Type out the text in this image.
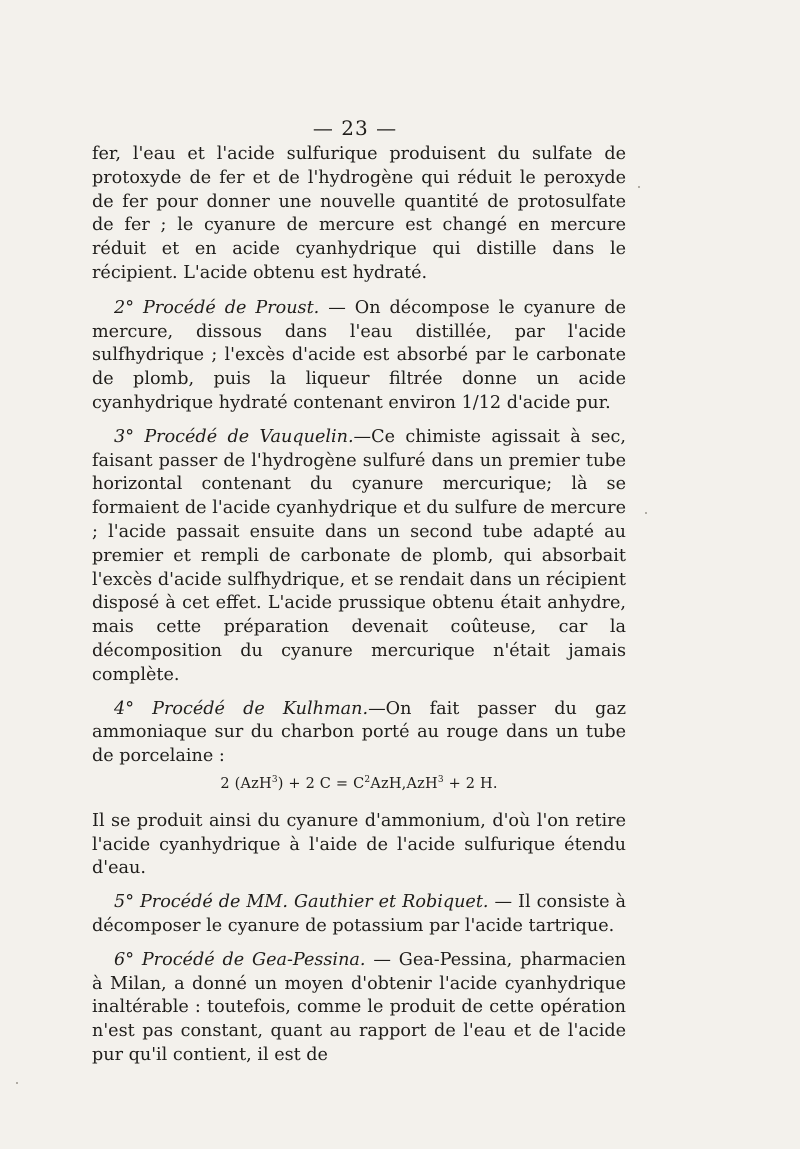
— 23 —

fer, l'eau et l'acide sulfurique produisent du sulfate de protoxyde de fer et de l'hydrogène qui réduit le peroxyde de fer pour donner une nouvelle quantité de protosulfate de fer ; le cyanure de mercure est changé en mercure réduit et en acide cyanhydrique qui distille dans le récipient. L'acide obtenu est hydraté.

2° Procédé de Proust. — On décompose le cyanure de mercure, dissous dans l'eau distillée, par l'acide sulfhydrique ; l'excès d'acide est absorbé par le carbonate de plomb, puis la liqueur filtrée donne un acide cyanhydrique hydraté contenant environ 1/12 d'acide pur.

3° Procédé de Vauquelin.—Ce chimiste agissait à sec, faisant passer de l'hydrogène sulfuré dans un premier tube horizontal contenant du cyanure mercurique; là se formaient de l'acide cyanhydrique et du sulfure de mercure ; l'acide passait ensuite dans un second tube adapté au premier et rempli de carbonate de plomb, qui absorbait l'excès d'acide sulfhydrique, et se rendait dans un récipient disposé à cet effet. L'acide prussique obtenu était anhydre, mais cette préparation devenait coûteuse, car la décomposition du cyanure mercurique n'était jamais complète.

4° Procédé de Kulhman.—On fait passer du gaz ammoniaque sur du charbon porté au rouge dans un tube de porcelaine :

2 (AzH$^3$) + 2 $C = C^2AzH,AzH^3 + 2$ H.

Il se produit ainsi du cyanure d'ammonium, d'où l'on retire l'acide cyanhydrique à l'aide de l'acide sulfurique étendu d'eau.

5° Procédé de MM. Gauthier et Robiquet. — Il consiste à décomposer le cyanure de potassium par l'acide tartrique.

6° Procédé de Gea-Pessina. — Gea-Pessina, pharmacien à Milan, a donné un moyen d'obtenir l'acide cyanhydrique inaltérable : toutefois, comme le produit de cette opération n'est pas constant, quant au rapport de l'eau et de l'acide pur qu'il contient, il est de
